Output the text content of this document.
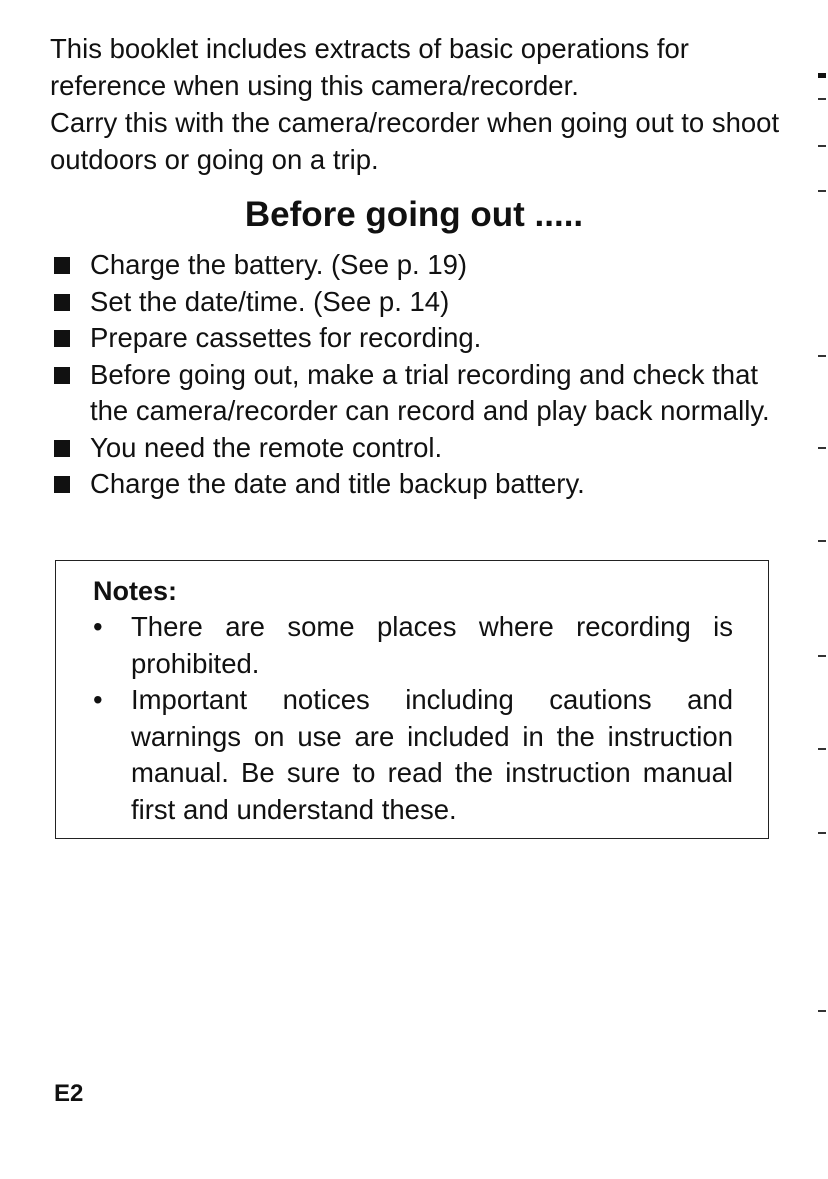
This booklet includes extracts of basic operations for reference when using this camera/recorder.

Carry this with the camera/recorder when going out to shoot outdoors or going on a trip.

Before going out .....
Charge the battery. (See p. 19)
Set the date/time. (See p. 14)
Prepare cassettes for recording.
Before going out, make a trial recording and check that the camera/recorder can record and play back normally.
You need the remote control.
Charge the date and title backup battery.

Notes:

•	There are some places where recording is prohibited.
•	Important notices including cautions and warnings on use are included in the instruction manual. Be sure to read the instruction manual first and understand these.

E2
